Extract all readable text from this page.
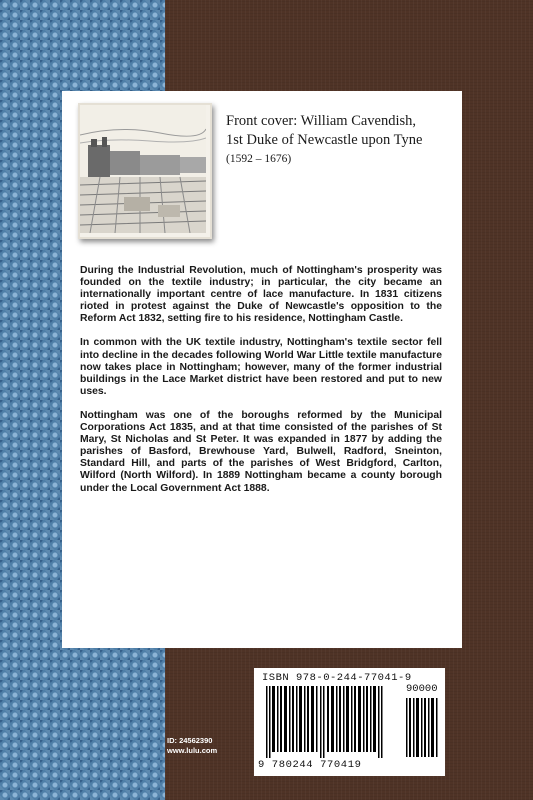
Front cover: William Cavendish,
1st Duke of Newcastle upon Tyne
(1592 – 1676)

During the Industrial Revolution, much of Nottingham's prosperity was founded on the textile industry; in particular, the city became an internationally important centre of lace manufacture. In 1831 citizens rioted in protest against the Duke of Newcastle's opposition to the Reform Act 1832, setting fire to his residence, Nottingham Castle.

In common with the UK textile industry, Nottingham's textile sector fell into decline in the decades following World War Little textile manufacture now takes place in Nottingham; however, many of the former industrial buildings in the Lace Market district have been restored and put to new uses.

Nottingham was one of the boroughs reformed by the Municipal Corporations Act 1835, and at that time consisted of the parishes of St Mary, St Nicholas and St Peter. It was expanded in 1877 by adding the parishes of Basford, Brewhouse Yard, Bulwell, Radford, Sneinton, Standard Hill, and parts of the parishes of West Bridgford, Carlton, Wilford (North Wilford). In 1889 Nottingham became a county borough under the Local Government Act 1888.

ISBN 978-0-244-77041-9
90000
9 780244 770419
ID: 24562390
www.lulu.com
